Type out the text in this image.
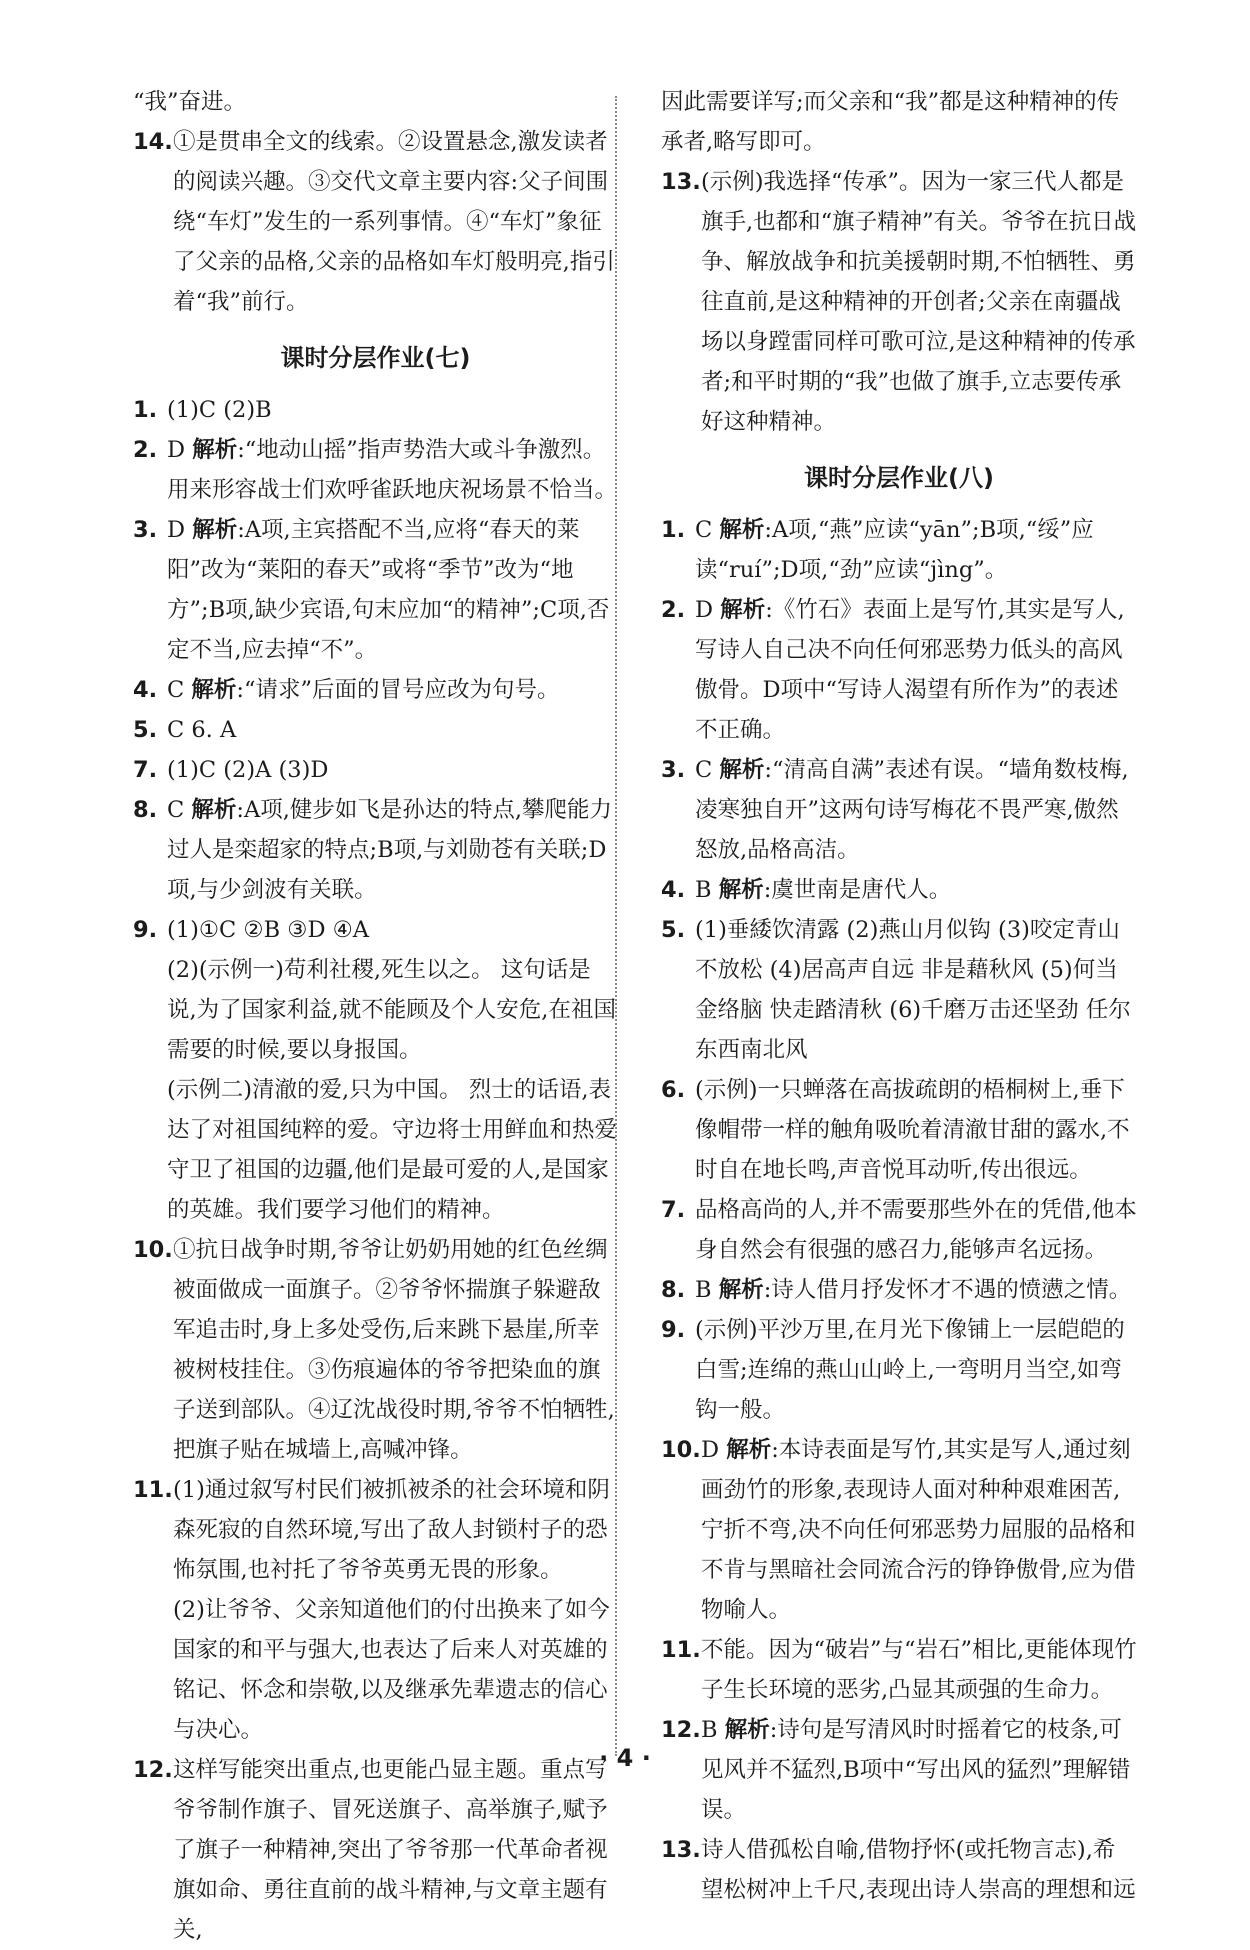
“我”奋进。

14. ①是贯串全文的线索。②设置悬念,激发读者的阅读兴趣。③交代文章主要内容:父子间围绕“车灯”发生的一系列事情。④“车灯”象征了父亲的品格,父亲的品格如车灯般明亮,指引着“我”前行。
课时分层作业(七)
1. (1)C (2)B
2. D 解析:“地动山摇”指声势浩大或斗争激烈。用来形容战士们欢呼雀跃地庆祝场景不恰当。
3. D 解析:A项,主宾搭配不当,应将“春天的莱阳”改为“莱阳的春天”或将“季节”改为“地方”;B项,缺少宾语,句末应加“的精神”;C项,否定不当,应去掉“不”。
4. C 解析:“请求”后面的冒号应改为句号。
5. C 6. A
7. (1)C (2)A (3)D
8. C 解析:A项,健步如飞是孙达的特点,攀爬能力过人是栾超家的特点;B项,与刘勋苍有关联;D项,与少剑波有关联。
9. (1)①C ②B ③D ④A

(2)(示例一)苟利社稷,死生以之。 这句话是说,为了国家利益,就不能顾及个人安危,在祖国需要的时候,要以身报国。

(示例二)清澈的爱,只为中国。 烈士的话语,表达了对祖国纯粹的爱。守边将士用鲜血和热爱守卫了祖国的边疆,他们是最可爱的人,是国家的英雄。我们要学习他们的精神。

10. ①抗日战争时期,爷爷让奶奶用她的红色丝绸被面做成一面旗子。②爷爷怀揣旗子躲避敌军追击时,身上多处受伤,后来跳下悬崖,所幸被树枝挂住。③伤痕遍体的爷爷把染血的旗子送到部队。④辽沈战役时期,爷爷不怕牺牲,把旗子贴在城墙上,高喊冲锋。
11. (1)通过叙写村民们被抓被杀的社会环境和阴森死寂的自然环境,写出了敌人封锁村子的恐怖氛围,也衬托了爷爷英勇无畏的形象。

(2)让爷爷、父亲知道他们的付出换来了如今国家的和平与强大,也表达了后来人对英雄的铭记、怀念和崇敬,以及继承先辈遗志的信心与决心。

12. 这样写能突出重点,也更能凸显主题。重点写爷爷制作旗子、冒死送旗子、高举旗子,赋予了旗子一种精神,突出了爷爷那一代革命者视旗如命、勇往直前的战斗精神,与文章主题有关,

因此需要详写;而父亲和“我”都是这种精神的传承者,略写即可。

13. (示例)我选择“传承”。因为一家三代人都是旗手,也都和“旗子精神”有关。爷爷在抗日战争、解放战争和抗美援朝时期,不怕牺牲、勇往直前,是这种精神的开创者;父亲在南疆战场以身蹚雷同样可歌可泣,是这种精神的传承者;和平时期的“我”也做了旗手,立志要传承好这种精神。
课时分层作业(八)
1. C 解析:A项,“燕”应读“yān”;B项,“绥”应读“ruí”;D项,“劲”应读“jìng”。
2. D 解析:《竹石》表面上是写竹,其实是写人,写诗人自己决不向任何邪恶势力低头的高风傲骨。D项中“写诗人渴望有所作为”的表述不正确。
3. C 解析:“清高自满”表述有误。“墙角数枝梅,凌寒独自开”这两句诗写梅花不畏严寒,傲然怒放,品格高洁。
4. B 解析:虞世南是唐代人。
5. (1)垂緌饮清露 (2)燕山月似钩 (3)咬定青山不放松 (4)居高声自远 非是藉秋风 (5)何当金络脑 快走踏清秋 (6)千磨万击还坚劲 任尔东西南北风
6. (示例)一只蝉落在高拔疏朗的梧桐树上,垂下像帽带一样的触角吸吮着清澈甘甜的露水,不时自在地长鸣,声音悦耳动听,传出很远。
7. 品格高尚的人,并不需要那些外在的凭借,他本身自然会有很强的感召力,能够声名远扬。
8. B 解析:诗人借月抒发怀才不遇的愤懑之情。
9. (示例)平沙万里,在月光下像铺上一层皑皑的白雪;连绵的燕山山岭上,一弯明月当空,如弯钩一般。
10. D 解析:本诗表面是写竹,其实是写人,通过刻画劲竹的形象,表现诗人面对种种艰难困苦,宁折不弯,决不向任何邪恶势力屈服的品格和不肯与黑暗社会同流合污的铮铮傲骨,应为借物喻人。
11. 不能。因为“破岩”与“岩石”相比,更能体现竹子生长环境的恶劣,凸显其顽强的生命力。
12. B 解析:诗句是写清风时时摇着它的枝条,可见风并不猛烈,B项中“写出风的猛烈”理解错误。
13. 诗人借孤松自喻,借物抒怀(或托物言志),希望松树冲上千尺,表现出诗人崇高的理想和远
· 4 ·
